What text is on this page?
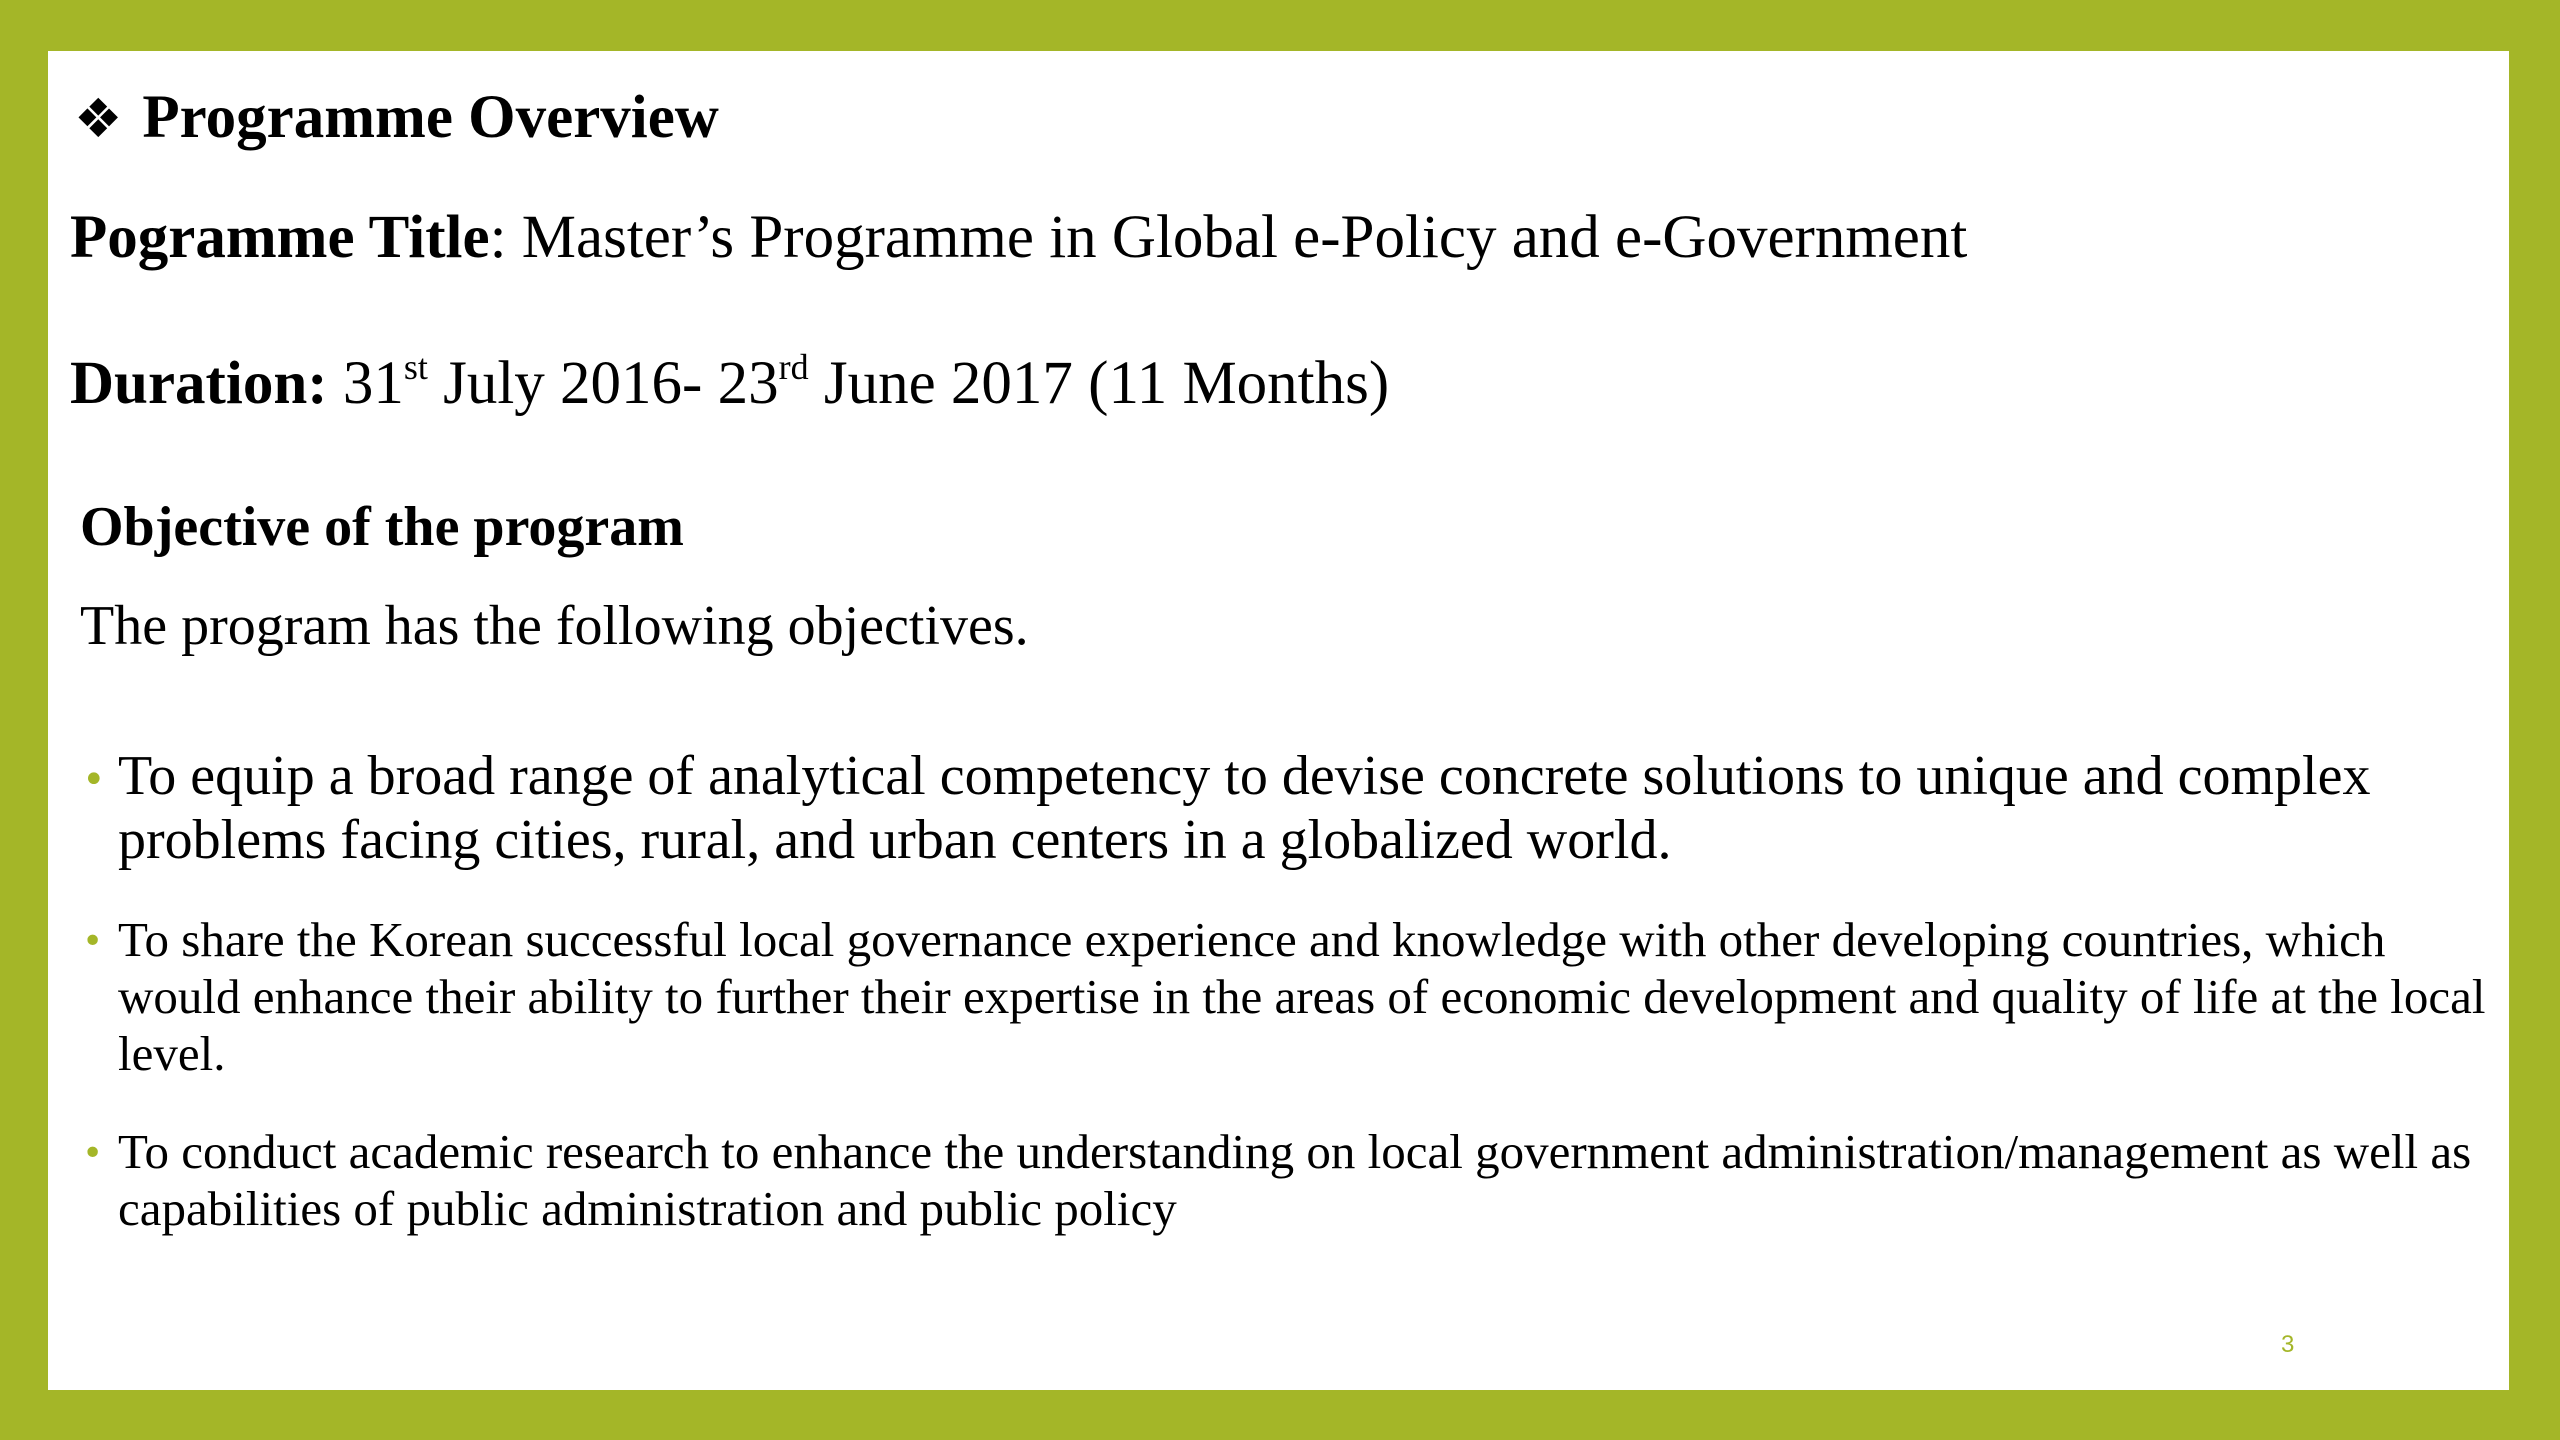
❖ Programme Overview
Pogramme Title: Master’s Programme in Global e-Policy and e-Government
Duration: 31st July 2016- 23rd June 2017 (11 Months)
Objective of the program
The program has the following objectives.
• To equip a broad range of analytical competency to devise concrete solutions to unique and complex problems facing cities, rural, and urban centers in a globalized world.
• To share the Korean successful local governance experience and knowledge with other developing countries, which would enhance their ability to further their expertise in the areas of economic development and quality of life at the local level.
• To conduct academic research to enhance the understanding on local government administration/management as well as capabilities of public administration and public policy
3
